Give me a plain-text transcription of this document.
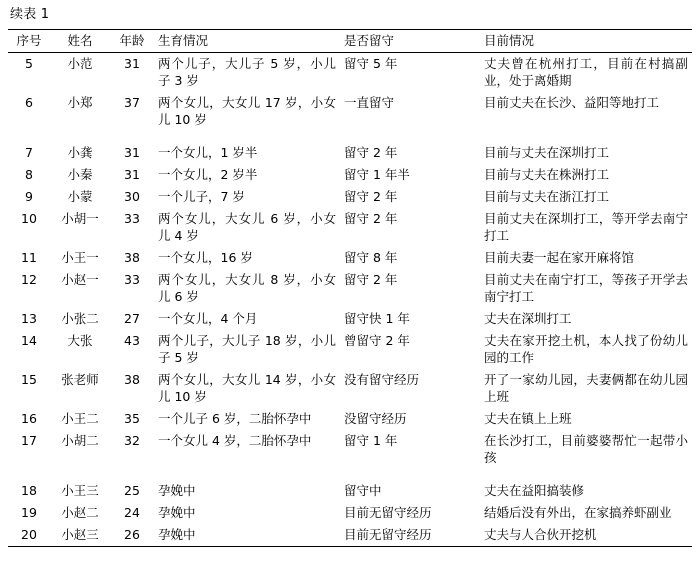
续表 1
序号	姓名	年龄	生育情况	是否留守	目前情况
5	小范	31	两个儿子，大儿子 5 岁，小儿子 3 岁	留守 5 年	丈夫曾在杭州打工，目前在村搞副业，处于离婚期
6	小郑	37	两个女儿，大女儿 17 岁，小女儿 10 岁	一直留守	目前丈夫在长沙、益阳等地打工

7	小龚	31	一个女儿，1 岁半	留守 2 年	目前与丈夫在深圳打工
8	小秦	31	一个女儿，2 岁半	留守 1 年半	目前与丈夫在株洲打工
9	小蒙	30	一个儿子，7 岁	留守 2 年	目前与丈夫在浙江打工
10	小胡一	33	两个女儿，大女儿 6 岁，小女儿 4 岁	留守 2 年	目前丈夫在深圳打工，等开学去南宁打工
11	小王一	38	一个女儿，16 岁	留守 8 年	目前夫妻一起在家开麻将馆
12	小赵一	33	两个女儿，大女儿 8 岁，小女儿 6 岁	留守 2 年	目前丈夫在南宁打工，等孩子开学去南宁打工
13	小张二	27	一个女儿，4 个月	留守快 1 年	丈夫在深圳打工
14	大张	43	两个儿子，大儿子 18 岁，小儿子 5 岁	曾留守 2 年	丈夫在家开挖土机，本人找了份幼儿园的工作
15	张老师	38	两个女儿，大女儿 14 岁，小女儿 10 岁	没有留守经历	开了一家幼儿园，夫妻俩都在幼儿园上班
16	小王二	35	一个儿子 6 岁，二胎怀孕中	没留守经历	丈夫在镇上上班
17	小胡二	32	一个女儿 4 岁，二胎怀孕中	留守 1 年	在长沙打工，目前婆婆帮忙一起带小孩

18	小王三	25	孕娩中	留守中	丈夫在益阳搞装修
19	小赵二	24	孕娩中	目前无留守经历	结婚后没有外出，在家搞养虾副业
20	小赵三	26	孕娩中	目前无留守经历	丈夫与人合伙开挖机
